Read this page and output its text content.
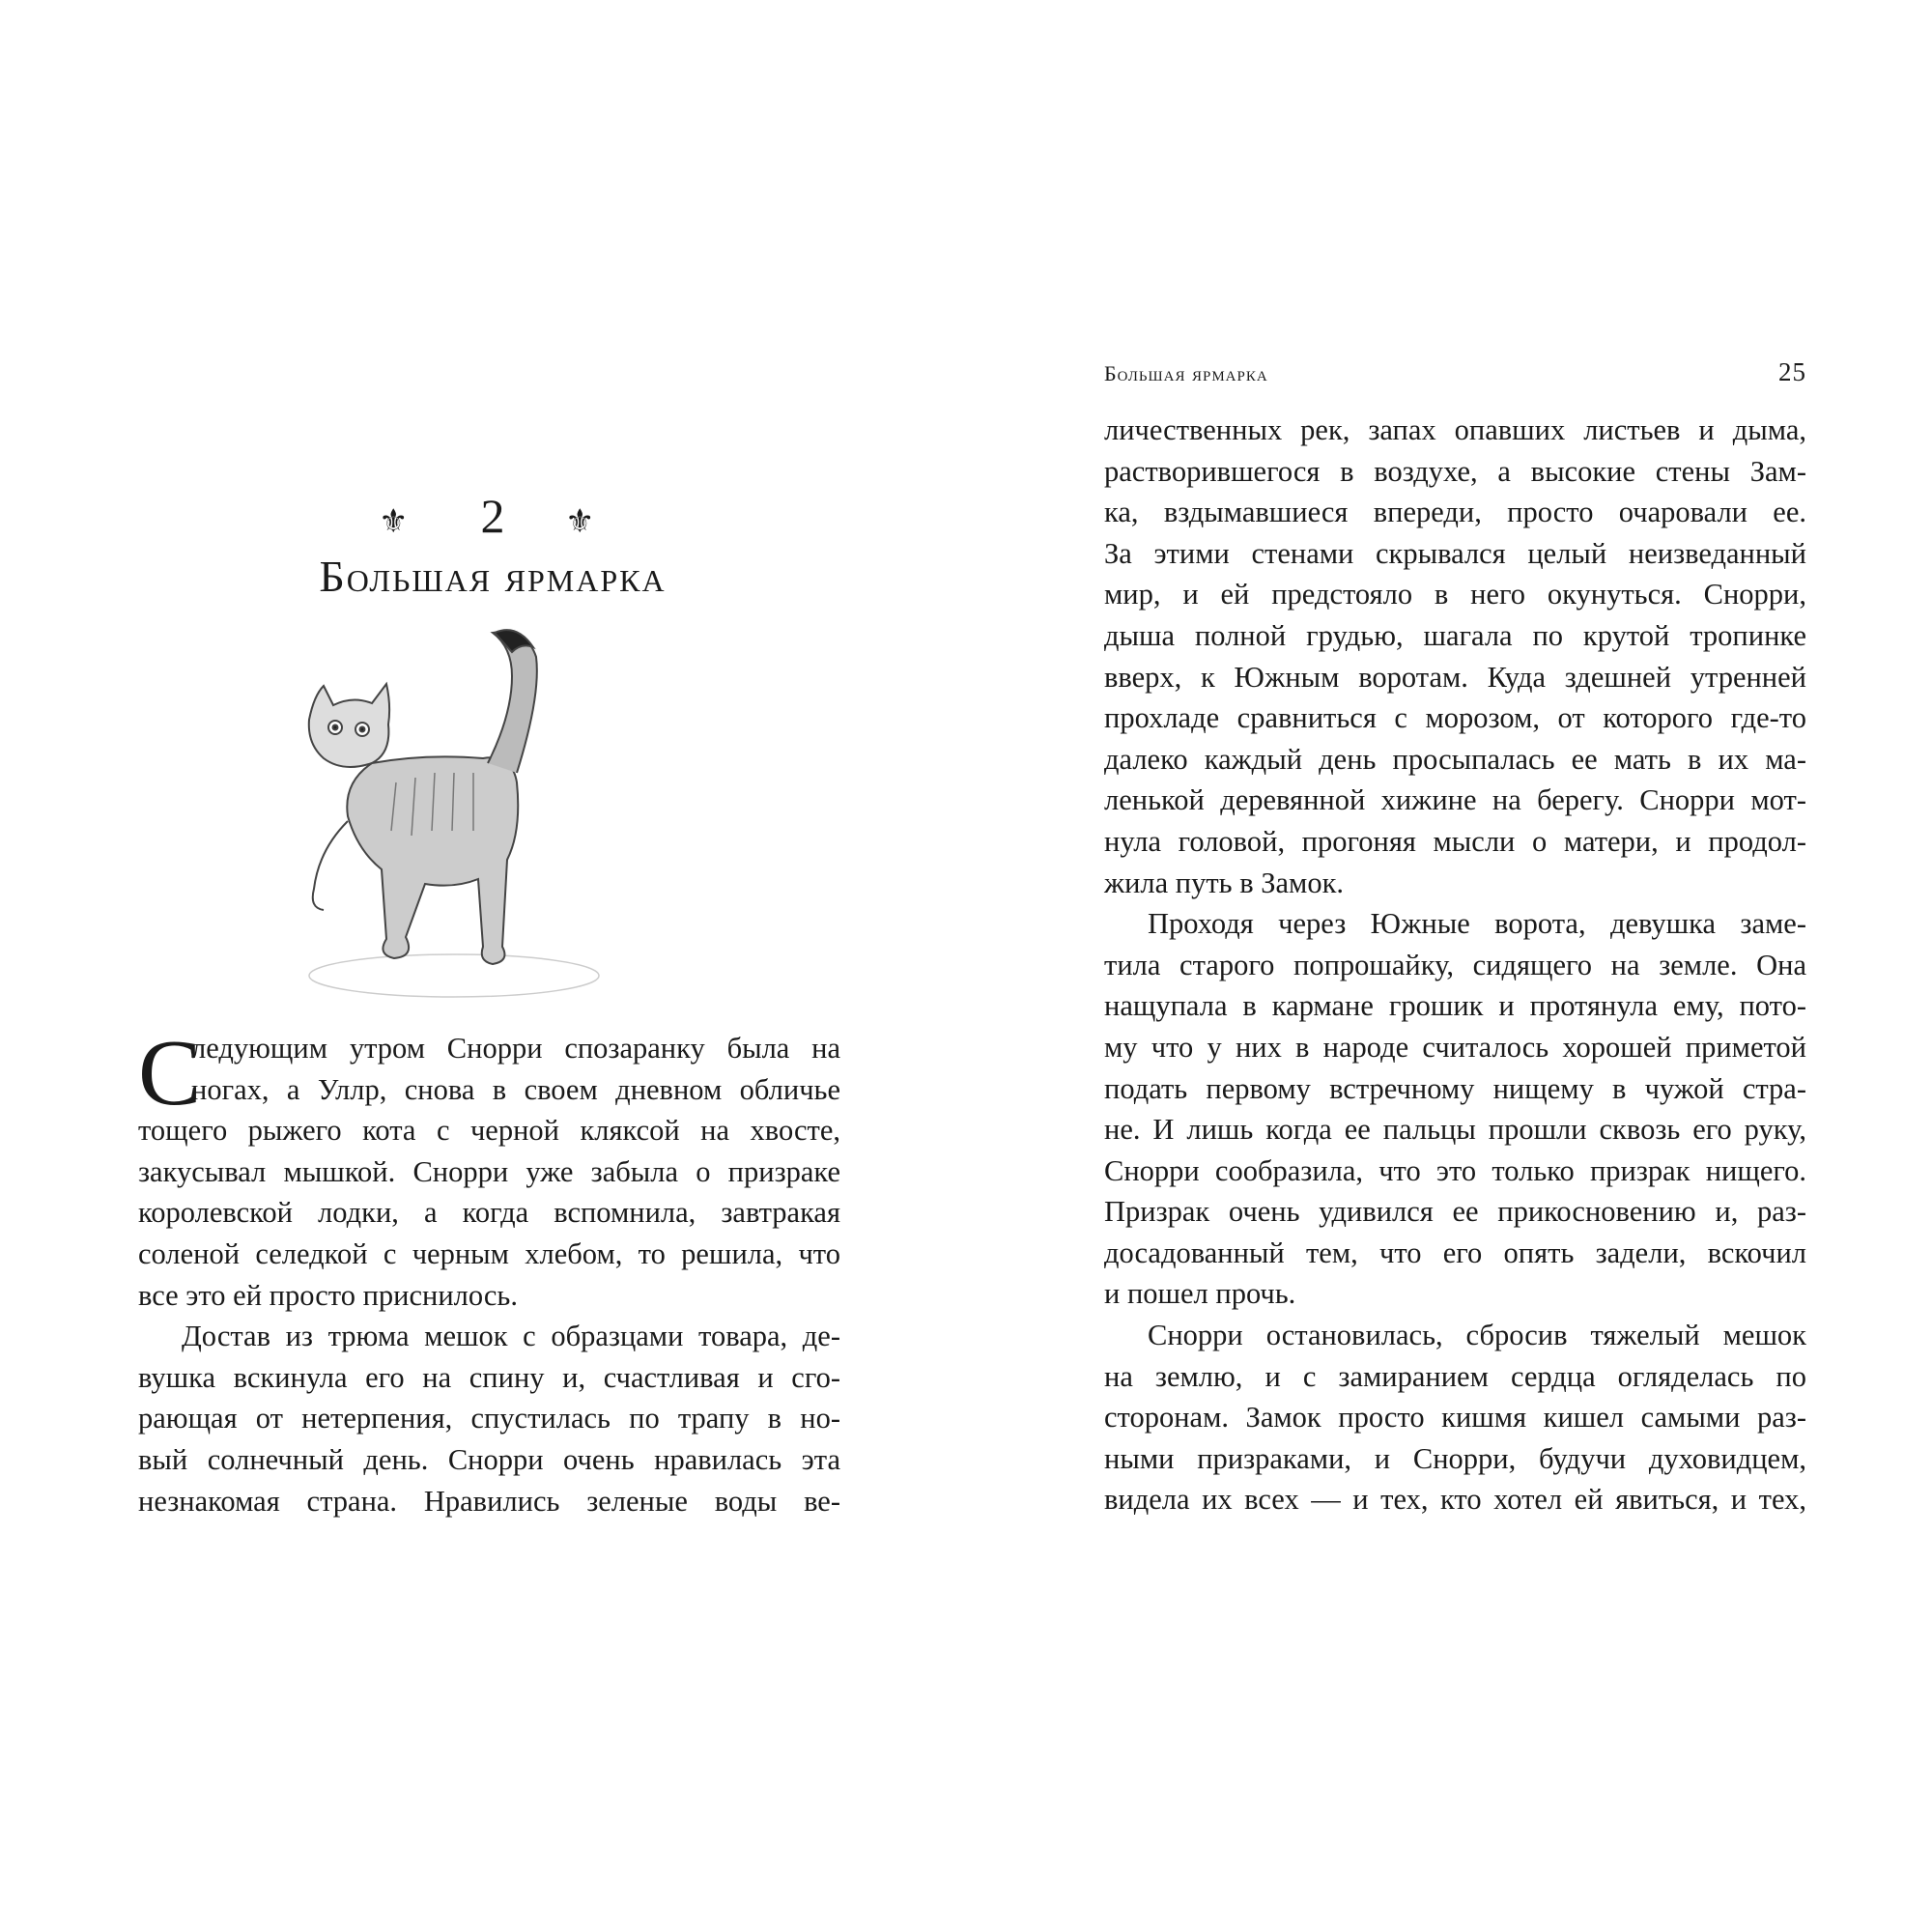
Большая ярмарка	25
⚜	2	⚜
Большая ярмарка
С
ледующим утром Снорри спозаранку была на
ногах, а Уллр, снова в своем дневном обличье
тощего рыжего кота с черной кляксой на хвосте,
закусывал мышкой. Снорри уже забыла о призраке
королевской лодки, а когда вспомнила, завтракая
соленой селедкой с черным хлебом, то решила, что
все это ей просто приснилось.
Достав из трюма мешок с образцами товара, де-
вушка вскинула его на спину и, счастливая и сго-
рающая от нетерпения, спустилась по трапу в но-
вый солнечный день. Снорри очень нравилась эта
незнакомая страна. Нравились зеленые воды ве-
личественных рек, запах опавших листьев и дыма,
растворившегося в воздухе, а высокие стены Зам-
ка, вздымавшиеся впереди, просто очаровали ее.
За этими стенами скрывался целый неизведанный
мир, и ей предстояло в него окунуться. Снорри,
дыша полной грудью, шагала по крутой тропинке
вверх, к Южным воротам. Куда здешней утренней
прохладе сравниться с морозом, от которого где-то
далеко каждый день просыпалась ее мать в их ма-
ленькой деревянной хижине на берегу. Снорри мот-
нула головой, прогоняя мысли о матери, и продол-
жила путь в Замок.
Проходя через Южные ворота, девушка заме-
тила старого попрошайку, сидящего на земле. Она
нащупала в кармане грошик и протянула ему, пото-
му что у них в народе считалось хорошей приметой
подать первому встречному нищему в чужой стра-
не. И лишь когда ее пальцы прошли сквозь его руку,
Снорри сообразила, что это только призрак нищего.
Призрак очень удивился ее прикосновению и, раз-
досадованный тем, что его опять задели, вскочил
и пошел прочь.
Снорри остановилась, сбросив тяжелый мешок
на землю, и с замиранием сердца огляделась по
сторонам. Замок просто кишмя кишел самыми раз-
ными призраками, и Снорри, будучи духовидцем,
видела их всех — и тех, кто хотел ей явиться, и тех,
